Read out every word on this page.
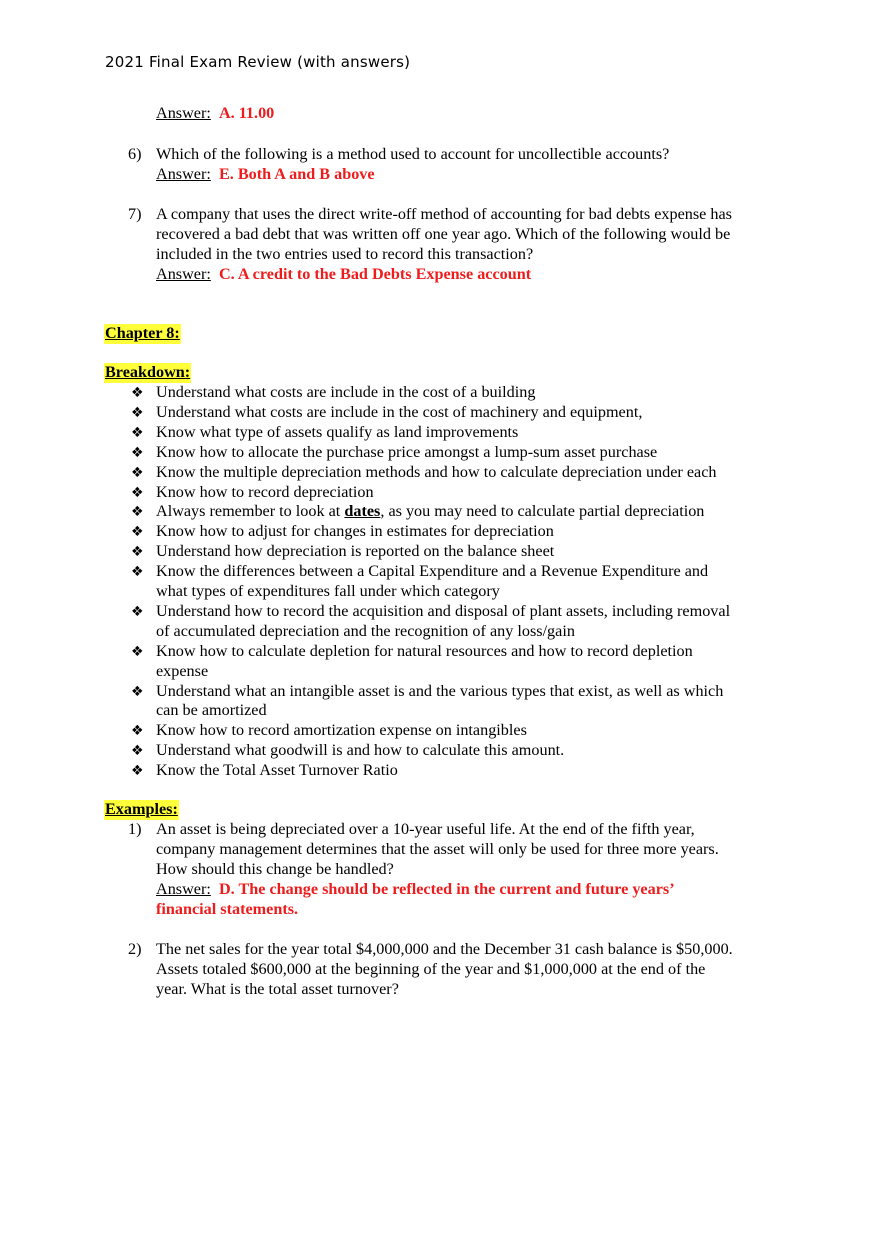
2021 Final Exam Review (with answers)
Answer: A. 11.00
6) Which of the following is a method used to account for uncollectible accounts?
Answer: E. Both A and B above
7) A company that uses the direct write-off method of accounting for bad debts expense has
recovered a bad debt that was written off one year ago. Which of the following would be
included in the two entries used to record this transaction?
Answer: C. A credit to the Bad Debts Expense account
Chapter 8:
Breakdown:
❖ Understand what costs are include in the cost of a building
❖ Understand what costs are include in the cost of machinery and equipment,
❖ Know what type of assets qualify as land improvements
❖ Know how to allocate the purchase price amongst a lump-sum asset purchase
❖ Know the multiple depreciation methods and how to calculate depreciation under each
❖ Know how to record depreciation
❖ Always remember to look at dates, as you may need to calculate partial depreciation
❖ Know how to adjust for changes in estimates for depreciation
❖ Understand how depreciation is reported on the balance sheet
❖ Know the differences between a Capital Expenditure and a Revenue Expenditure and
what types of expenditures fall under which category
❖ Understand how to record the acquisition and disposal of plant assets, including removal
of accumulated depreciation and the recognition of any loss/gain
❖ Know how to calculate depletion for natural resources and how to record depletion
expense
❖ Understand what an intangible asset is and the various types that exist, as well as which
can be amortized
❖ Know how to record amortization expense on intangibles
❖ Understand what goodwill is and how to calculate this amount.
❖ Know the Total Asset Turnover Ratio
Examples:
1) An asset is being depreciated over a 10-year useful life. At the end of the fifth year,
company management determines that the asset will only be used for three more years.
How should this change be handled?
Answer: D. The change should be reflected in the current and future years’
financial statements.
2) The net sales for the year total $4,000,000 and the December 31 cash balance is $50,000.
Assets totaled $600,000 at the beginning of the year and $1,000,000 at the end of the
year. What is the total asset turnover?
